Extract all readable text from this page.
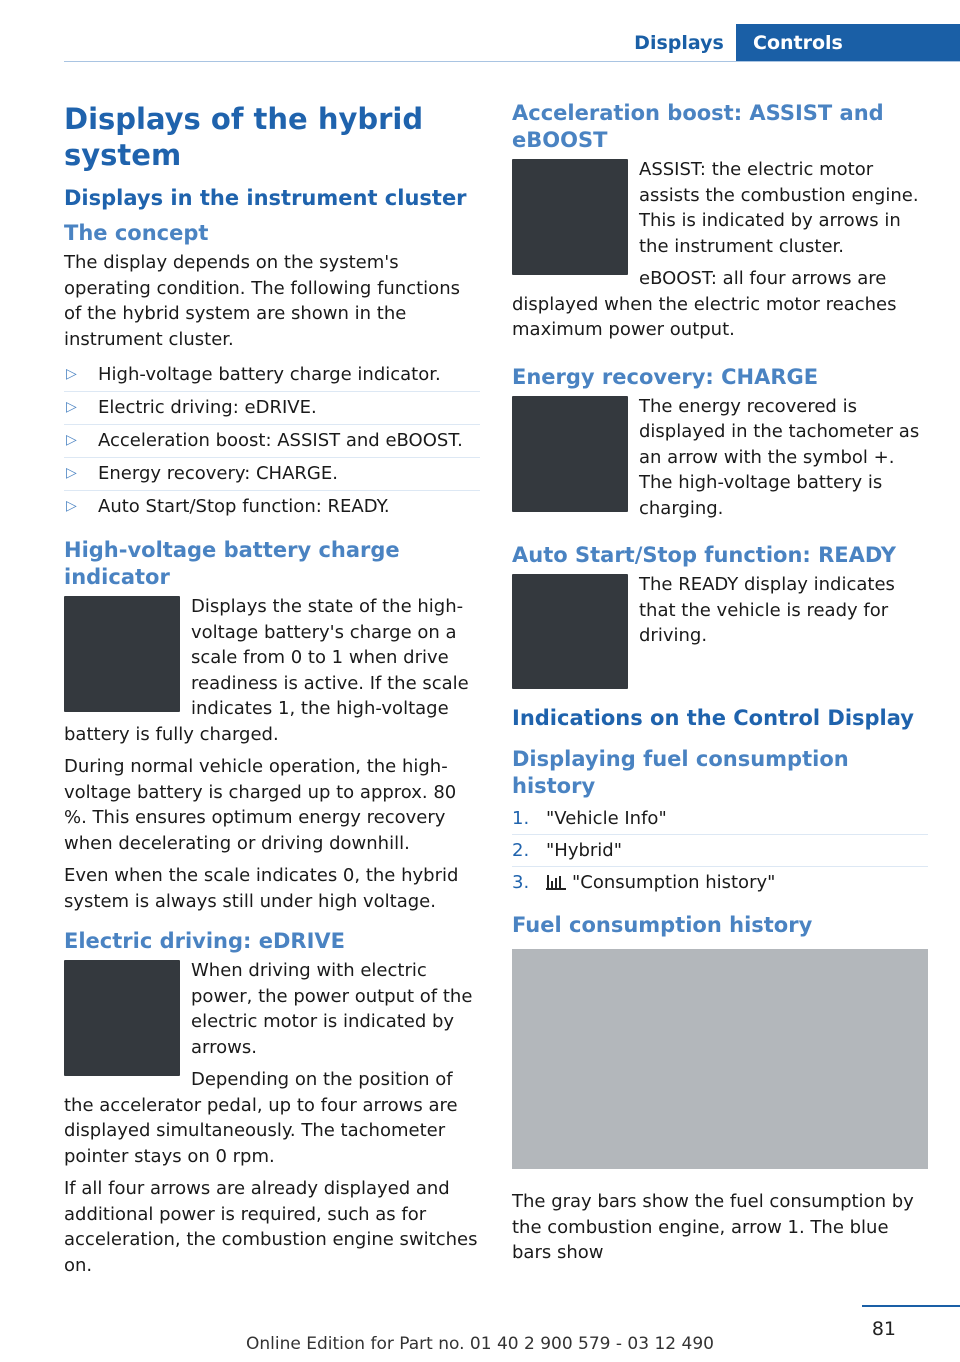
Displays	Controls
Displays of the hybrid system
Displays in the instrument cluster
The concept

The display depends on the system's operating condition. The following functions of the hybrid system are shown in the instrument cluster.

▷ High-voltage battery charge indicator.
▷ Electric driving: eDRIVE.
▷ Acceleration boost: ASSIST and eBOOST.
▷ Energy recovery: CHARGE.
▷ Auto Start/Stop function: READY.
High-voltage battery charge indicator

Displays the state of the high-voltage battery's charge on a scale from 0 to 1 when drive readiness is active. If the scale indicates 1, the high-voltage battery is fully charged.

During normal vehicle operation, the high-voltage battery is charged up to approx. 80 %. This ensures optimum energy recovery when decelerating or driving downhill.

Even when the scale indicates 0, the hybrid system is always still under high voltage.

Electric driving: eDRIVE

When driving with electric power, the power output of the electric motor is indicated by arrows.

Depending on the position of the accelerator pedal, up to four arrows are displayed simultaneously. The tachometer pointer stays on 0 rpm.

If all four arrows are already displayed and additional power is required, such as for acceleration, the combustion engine switches on.

Acceleration boost: ASSIST and eBOOST

ASSIST: the electric motor assists the combustion engine. This is indicated by arrows in the instrument cluster.

eBOOST: all four arrows are displayed when the electric motor reaches maximum power output.

Energy recovery: CHARGE

The energy recovered is displayed in the tachometer as an arrow with the symbol +. The high-voltage battery is charging.

Auto Start/Stop function: READY

The READY display indicates that the vehicle is ready for driving.

Indications on the Control Display
Displaying fuel consumption history
1. "Vehicle Info"
2. "Hybrid"
3. "Consumption history"
Fuel consumption history

The gray bars show the fuel consumption by the combustion engine, arrow 1. The blue bars show

81
Online Edition for Part no. 01 40 2 900 579 - 03 12 490
